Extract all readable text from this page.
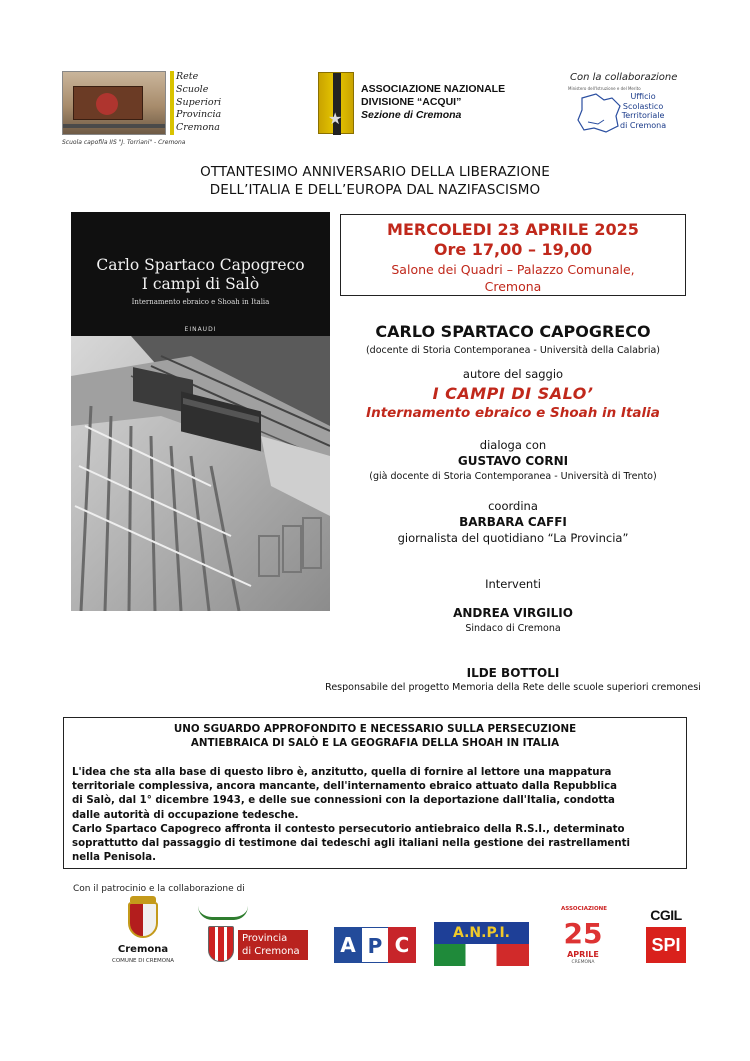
Rete
Scuole
Superiori
Provincia
Cremona
Scuola capofila IIS "J. Torriani" - Cremona
★
ASSOCIAZIONE NAZIONALE
DIVISIONE “ACQUI”
Sezione di Cremona
Con la collaborazione
Ministero dell'Istruzione e del Merito
Ufficio
Scolastico
Territoriale
di Cremona
OTTANTESIMO ANNIVERSARIO DELLA LIBERAZIONE
DELL’ITALIA E DELL’EUROPA DAL NAZIFASCISMO
Carlo Spartaco Capogreco
I campi di Salò
Internamento ebraico e Shoah in Italia
EINAUDI
MERCOLEDI 23 APRILE 2025
Ore 17,00 – 19,00
Salone dei Quadri – Palazzo Comunale,
Cremona
CARLO SPARTACO CAPOGRECO
(docente di Storia Contemporanea - Università della Calabria)
autore del saggio
I CAMPI DI SALO’
Internamento ebraico e Shoah in Italia
dialoga con
GUSTAVO CORNI
(già docente di Storia Contemporanea - Università di Trento)
coordina
BARBARA CAFFI
giornalista del quotidiano “La Provincia”
Interventi
ANDREA VIRGILIO
Sindaco di Cremona
ILDE BOTTOLI
Responsabile del progetto Memoria della Rete delle scuole superiori cremonesi
UNO SGUARDO APPROFONDITO E NECESSARIO SULLA PERSECUZIONE
ANTIEBRAICA DI SALÒ E LA GEOGRAFIA DELLA SHOAH IN ITALIA
L'idea che sta alla base di questo libro è, anzitutto, quella di fornire al lettore una mappatura
territoriale complessiva, ancora mancante, dell'internamento ebraico attuato dalla Repubblica
di Salò, dal 1° dicembre 1943, e delle sue connessioni con la deportazione dall'Italia, condotta
dalle autorità di occupazione tedesche.
Carlo Spartaco Capogreco affronta il contesto persecutorio antiebraico della R.S.I., determinato
soprattutto dal passaggio di testimone dai tedeschi agli italiani nella gestione dei rastrellamenti
nella Penisola.
Con il patrocinio e la collaborazione di
Cremona
COMUNE DI CREMONA
Provincia
di Cremona	A P C	A.N.P.I.
ASSOCIAZIONE
25
APRILE
CREMONA
CGIL
SPI
